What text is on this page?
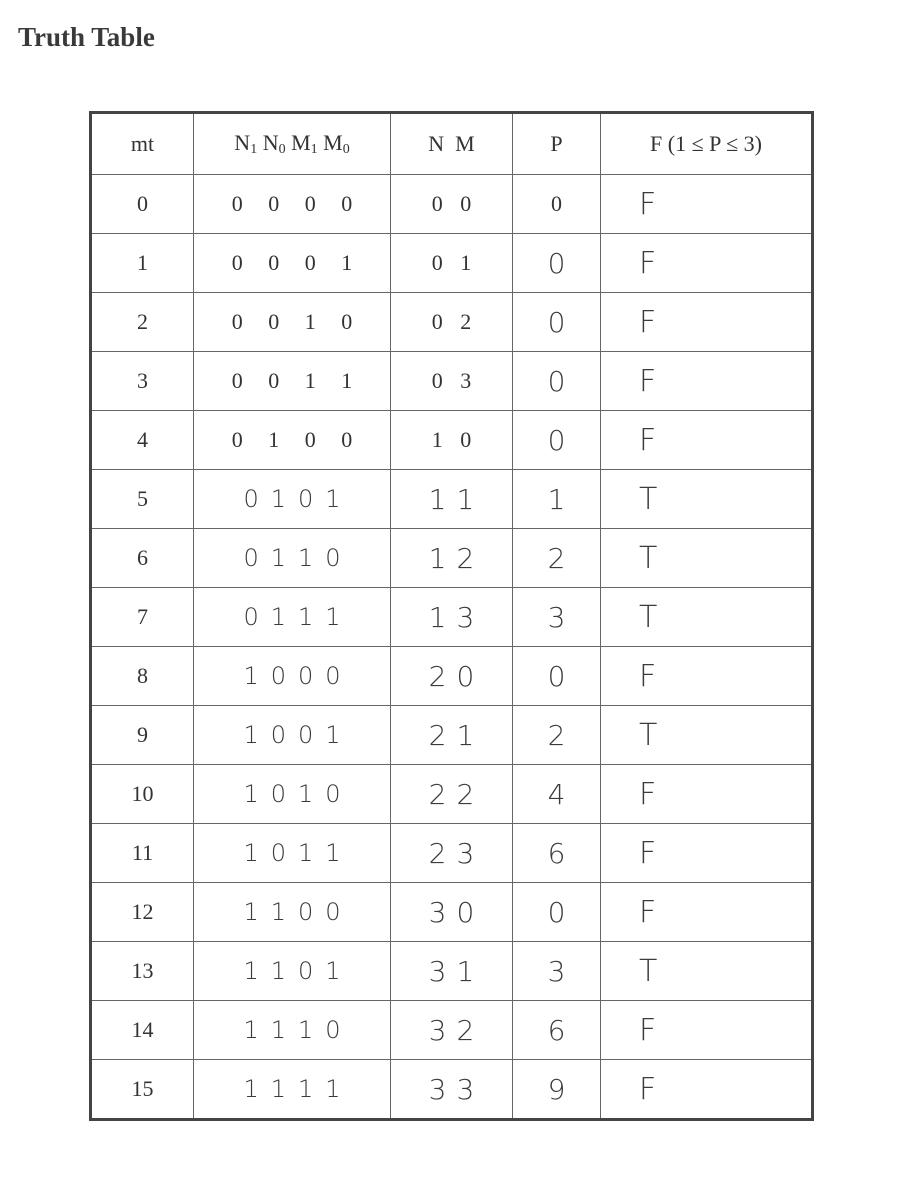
Truth Table
mt	$N_1$ $N_0$ $M_1$ $M_0$	N  M	P	F (1 ≤ P ≤ 3)
0	0 0 0 0	0 0	0	F
1	0 0 0 1	0 1	0	F
2	0 0 1 0	0 2	0	F
3	0 0 1 1	0 3	0	F
4	0 1 0 0	1 0	0	F
5	0101	11	1	T
6	0110	12	2	T
7	0111	13	3	T
8	1000	20	0	F
9	1001	21	2	T
10	1010	22	4	F
11	1011	23	6	F
12	1100	30	0	F
13	1101	31	3	T
14	1110	32	6	F
15	1111	33	9	F
